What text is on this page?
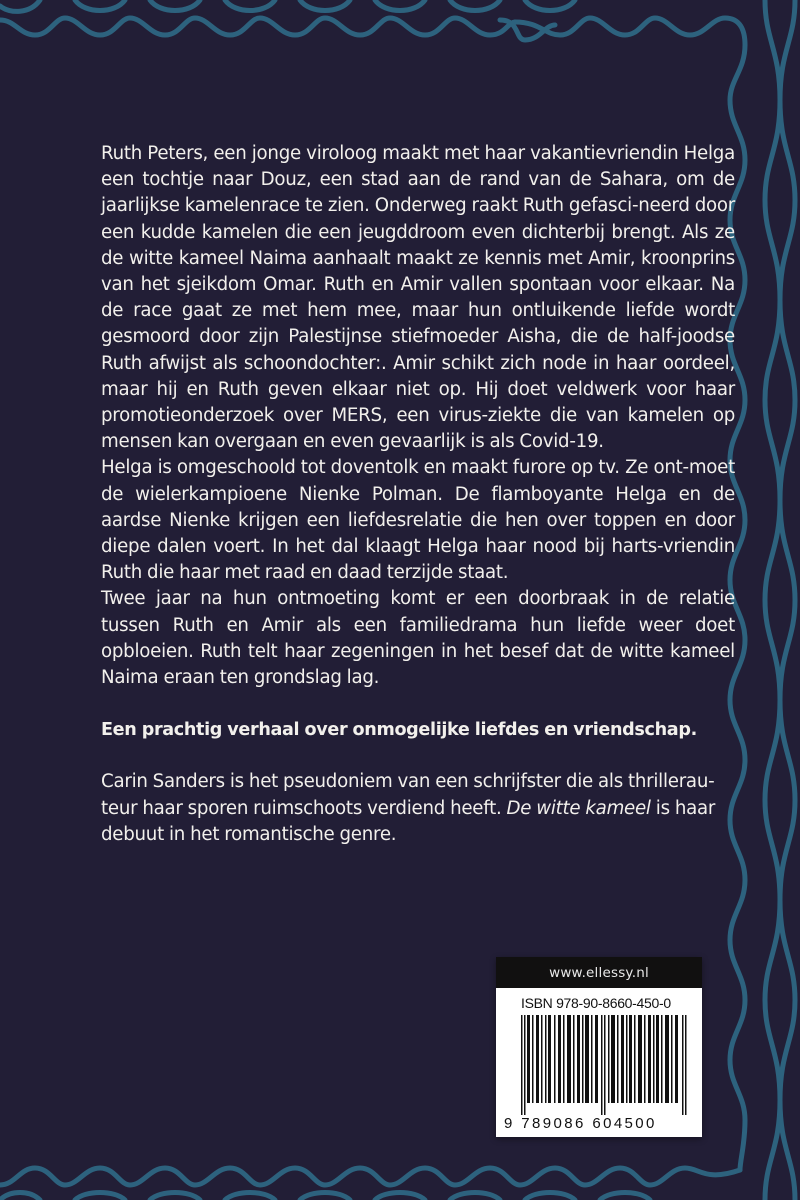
Ruth Peters, een jonge viroloog maakt met haar vakantievriendin Helga een tochtje naar Douz, een stad aan de rand van de Sahara, om de jaarlijkse kamelenrace te zien. Onderweg raakt Ruth gefasci-neerd door een kudde kamelen die een jeugddroom even dichterbij brengt. Als ze de witte kameel Naima aanhaalt maakt ze kennis met Amir, kroonprins van het sjeikdom Omar. Ruth en Amir vallen spontaan voor elkaar. Na de race gaat ze met hem mee, maar hun ontluikende liefde wordt gesmoord door zijn Palestijnse stiefmoeder Aisha, die de half-joodse Ruth afwijst als schoondochter:. Amir schikt zich node in haar oordeel, maar hij en Ruth geven elkaar niet op. Hij doet veldwerk voor haar promotieonderzoek over MERS, een virus-ziekte die van kamelen op mensen kan overgaan en even gevaarlijk is als Covid-19.

Helga is omgeschoold tot doventolk en maakt furore op tv. Ze ont-moet de wielerkampioene Nienke Polman. De flamboyante Helga en de aardse Nienke krijgen een liefdesrelatie die hen over toppen en door diepe dalen voert. In het dal klaagt Helga haar nood bij harts-vriendin Ruth die haar met raad en daad terzijde staat.

Twee jaar na hun ontmoeting komt er een doorbraak in de relatie tussen Ruth en Amir als een familiedrama hun liefde weer doet opbloeien. Ruth telt haar zegeningen in het besef dat de witte kameel Naima eraan ten grondslag lag.

Een prachtig verhaal over onmogelijke liefdes en vriendschap.

Carin Sanders is het pseudoniem van een schrijfster die als thrillerau-teur haar sporen ruimschoots verdiend heeft. De witte kameel is haar debuut in het romantische genre.

www.ellessy.nl
ISBN 978-90-8660-450-0
9 789086 604500
